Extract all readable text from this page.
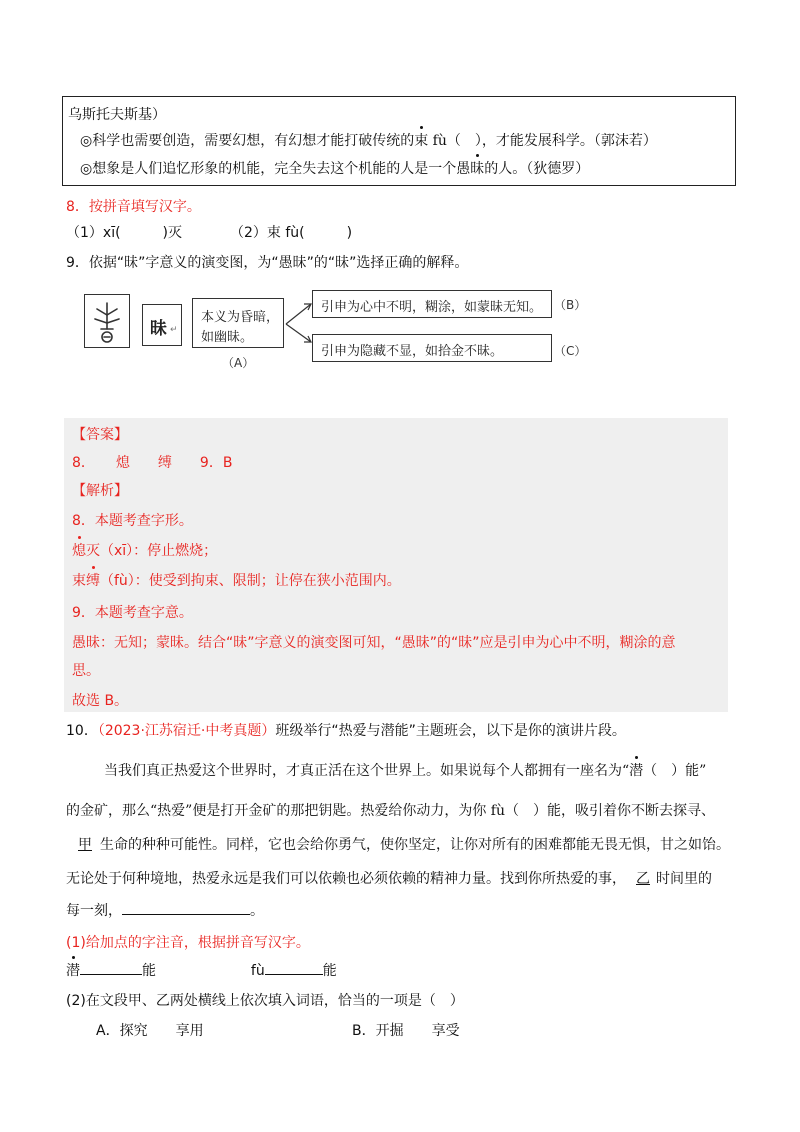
乌斯托夫斯基）
◎科学也需要创造，需要幻想，有幻想才能打破传统的束 fù（　），才能发展科学。（郭沫若）
◎想象是人们追忆形象的机能，完全失去这个机能的人是一个愚昧的人。（狄德罗）
8．按拼音填写汉字。
（1）xī(　　　)灭	（2）束 fù(　　　)
9．依据“昧”字意义的演变图，为“愚昧”的“昧”选择正确的解释。
昧 ↵
本义为昏暗，
如幽昧。
（A）
引申为心中不明，糊涂，如蒙昧无知。 （B）
引申为隐藏不显，如拾金不昧。	（C）
【答案】
8．　　熄　　缚　　9．B
【解析】
8．本题考查字形。
熄灭（xī）：停止燃烧；
束缚（fù）：使受到拘束、限制；让停在狭小范围内。
9．本题考查字意。
愚昧：无知；蒙昧。结合“昧”字意义的演变图可知，“愚昧”的“昧”应是引申为心中不明，糊涂的意
思。
故选 B。
10．（2023·江苏宿迁·中考真题）班级举行“热爱与潜能”主题班会，以下是你的演讲片段。
当我们真正热爱这个世界时，才真正活在这个世界上。如果说每个人都拥有一座名为“潜（　）能”
的金矿，那么“热爱”便是打开金矿的那把钥匙。热爱给你动力，为你 fù（　）能，吸引着你不断去探寻、
甲 生命的种种可能性。同样，它也会给你勇气，使你坚定，让你对所有的困难都能无畏无惧，甘之如饴。
无论处于何种境地，热爱永远是我们可以依赖也必须依赖的精神力量。找到你所热爱的事， 乙 时间里的
每一刻，	。
(1)给加点的字注音，根据拼音写汉字。
潜	能	fù	能
(2)在文段甲、乙两处横线上依次填入词语，恰当的一项是（　）
A．探究　　享用	B．开掘　　享受
